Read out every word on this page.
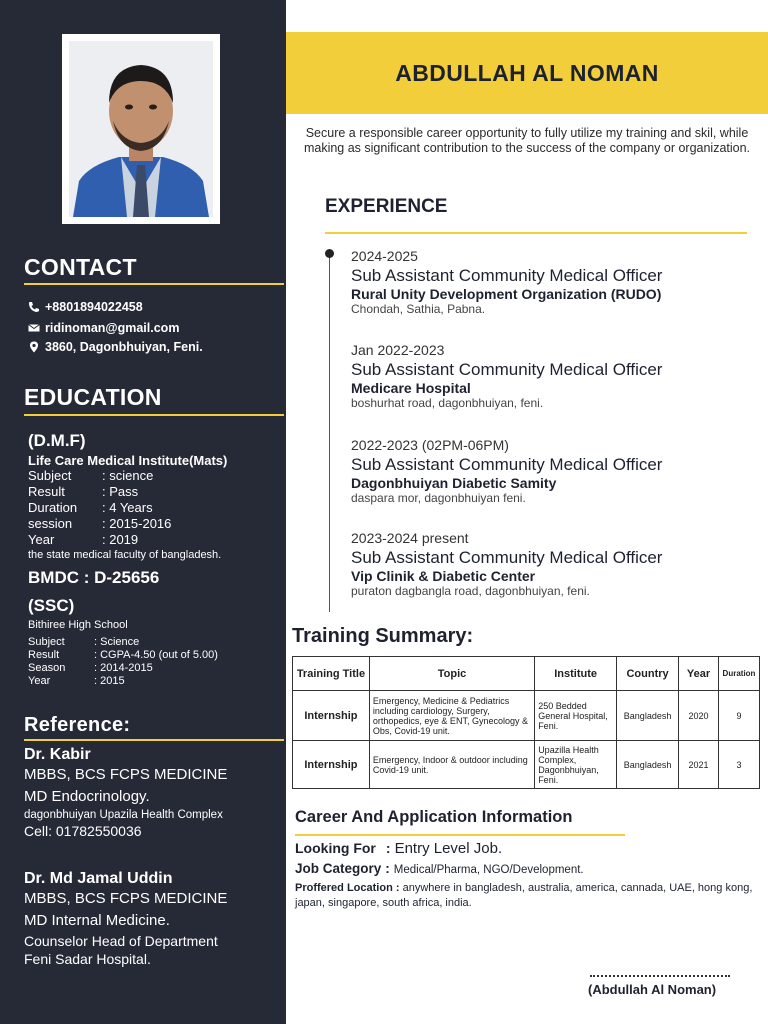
CONTACT
+8801894022458
ridinoman@gmail.com
3860, Dagonbhuiyan, Feni.
EDUCATION
(D.M.F)
Life Care Medical Institute(Mats)
Subject	: science
Result	: Pass
Duration	: 4 Years
session	: 2015-2016
Year	: 2019
the state medical faculty of bangladesh.
BMDC : D-25656
(SSC)
Bithiree High School
Subject	: Science
Result	: CGPA-4.50 (out of 5.00)
Season	: 2014-2015
Year	: 2015
Reference:
Dr. Kabir
MBBS, BCS FCPS MEDICINE
MD Endocrinology.
dagonbhuiyan Upazila Health Complex
Cell: 01782550036
Dr. Md Jamal Uddin
MBBS, BCS FCPS MEDICINE
MD Internal Medicine.
Counselor Head of Department
Feni Sadar Hospital.
ABDULLAH AL NOMAN
Secure a responsible career opportunity to fully utilize my training and skil, while making as significant contribution to the success of the company or organization.
EXPERIENCE
2024-2025
Sub Assistant Community Medical Officer
Rural Unity Development Organization (RUDO)
Chondah, Sathia, Pabna.
Jan 2022-2023
Sub Assistant Community Medical Officer
Medicare Hospital
boshurhat road, dagonbhuiyan, feni.
2022-2023 (02PM-06PM)
Sub Assistant Community Medical Officer
Dagonbhuiyan Diabetic Samity
daspara mor, dagonbhuiyan feni.
2023-2024 present
Sub Assistant Community Medical Officer
Vip Clinik & Diabetic Center
puraton dagbangla road, dagonbhuiyan, feni.
Training Summary:
Training Title	Topic	Institute	Country	Year	Duration
Internship	Emergency, Medicine & Pediatrics including cardiology, Surgery, orthopedics, eye & ENT, Gynecology & Obs, Covid-19 unit.	250 Bedded General Hospital, Feni.	Bangladesh	2020	9
Internship	Emergency, Indoor & outdoor including Covid-19 unit.	Upazilla Health Complex, Dagonbhuiyan, Feni.	Bangladesh	2021	3
Career And Application Information
Looking For : Entry Level Job.
Job Category : Medical/Pharma, NGO/Development.
Proffered Location : anywhere in bangladesh, australia, america, cannada, UAE, hong kong, japan, singapore, south africa, india.
(Abdullah Al Noman)
